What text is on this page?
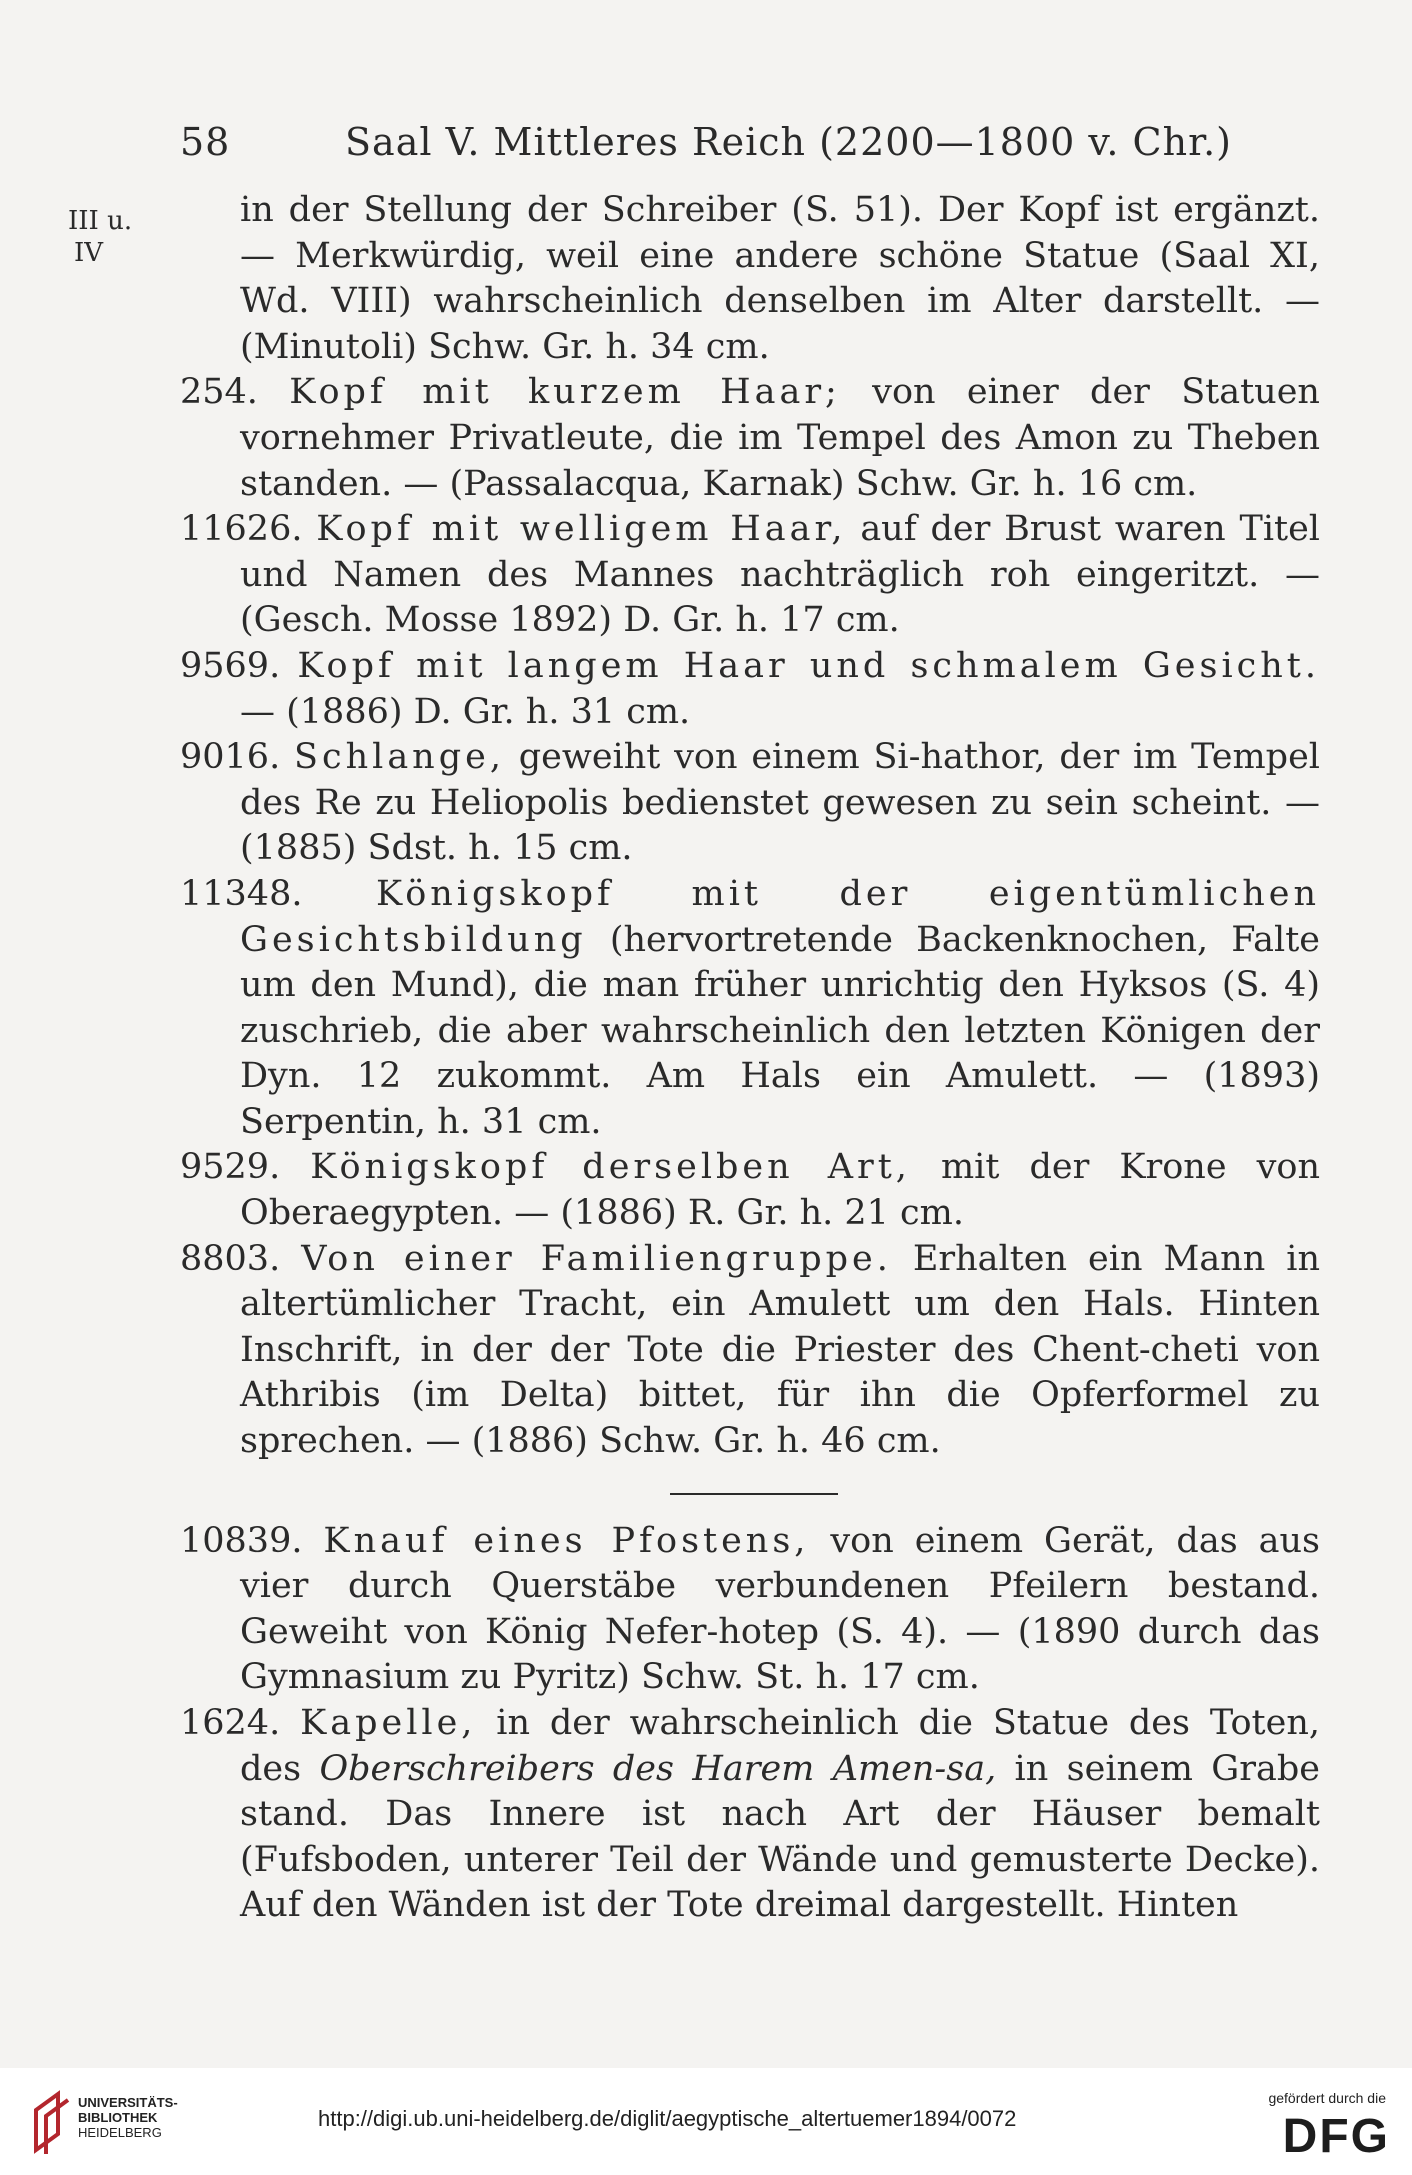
58	Saal V. Mittleres Reich (2200—1800 v. Chr.)
III u.
IV
in der Stellung der Schreiber (S. 51). Der Kopf ist ergänzt. — Merkwürdig, weil eine andere schöne Statue (Saal XI, Wd. VIII) wahrscheinlich denselben im Alter darstellt. — (Minutoli) Schw. Gr. h. 34 cm.
254. Kopf mit kurzem Haar; von einer der Statuen vornehmer Privatleute, die im Tempel des Amon zu Theben standen. — (Passalacqua, Karnak) Schw. Gr. h. 16 cm.
11626. Kopf mit welligem Haar, auf der Brust waren Titel und Namen des Mannes nachträglich roh eingeritzt. — (Gesch. Mosse 1892) D. Gr. h. 17 cm.
9569. Kopf mit langem Haar und schmalem Gesicht. — (1886) D. Gr. h. 31 cm.
9016. Schlange, geweiht von einem Si-hathor, der im Tempel des Re zu Heliopolis bedienstet gewesen zu sein scheint. — (1885) Sdst. h. 15 cm.
11348. Königskopf mit der eigentümlichen Gesichtsbildung (hervortretende Backenknochen, Falte um den Mund), die man früher unrichtig den Hyksos (S. 4) zuschrieb, die aber wahrscheinlich den letzten Königen der Dyn. 12 zukommt. Am Hals ein Amulett. — (1893) Serpentin, h. 31 cm.
9529. Königskopf derselben Art, mit der Krone von Oberaegypten. — (1886) R. Gr. h. 21 cm.
8803. Von einer Familiengruppe. Erhalten ein Mann in altertümlicher Tracht, ein Amulett um den Hals. Hinten Inschrift, in der der Tote die Priester des Chent-cheti von Athribis (im Delta) bittet, für ihn die Opferformel zu sprechen. — (1886) Schw. Gr. h. 46 cm.
10839. Knauf eines Pfostens, von einem Gerät, das aus vier durch Querstäbe verbundenen Pfeilern bestand. Geweiht von König Nefer-hotep (S. 4). — (1890 durch das Gymnasium zu Pyritz) Schw. St. h. 17 cm.
1624. Kapelle, in der wahrscheinlich die Statue des Toten, des Oberschreibers des Harem Amen-sa, in seinem Grabe stand. Das Innere ist nach Art der Häuser bemalt (Fufsboden, unterer Teil der Wände und gemusterte Decke). Auf den Wänden ist der Tote dreimal dargestellt. Hinten
UNIVERSITÄTS-
BIBLIOTHEK
HEIDELBERG
http://digi.ub.uni-heidelberg.de/diglit/aegyptische_altertuemer1894/0072
gefördert durch die
DFG
